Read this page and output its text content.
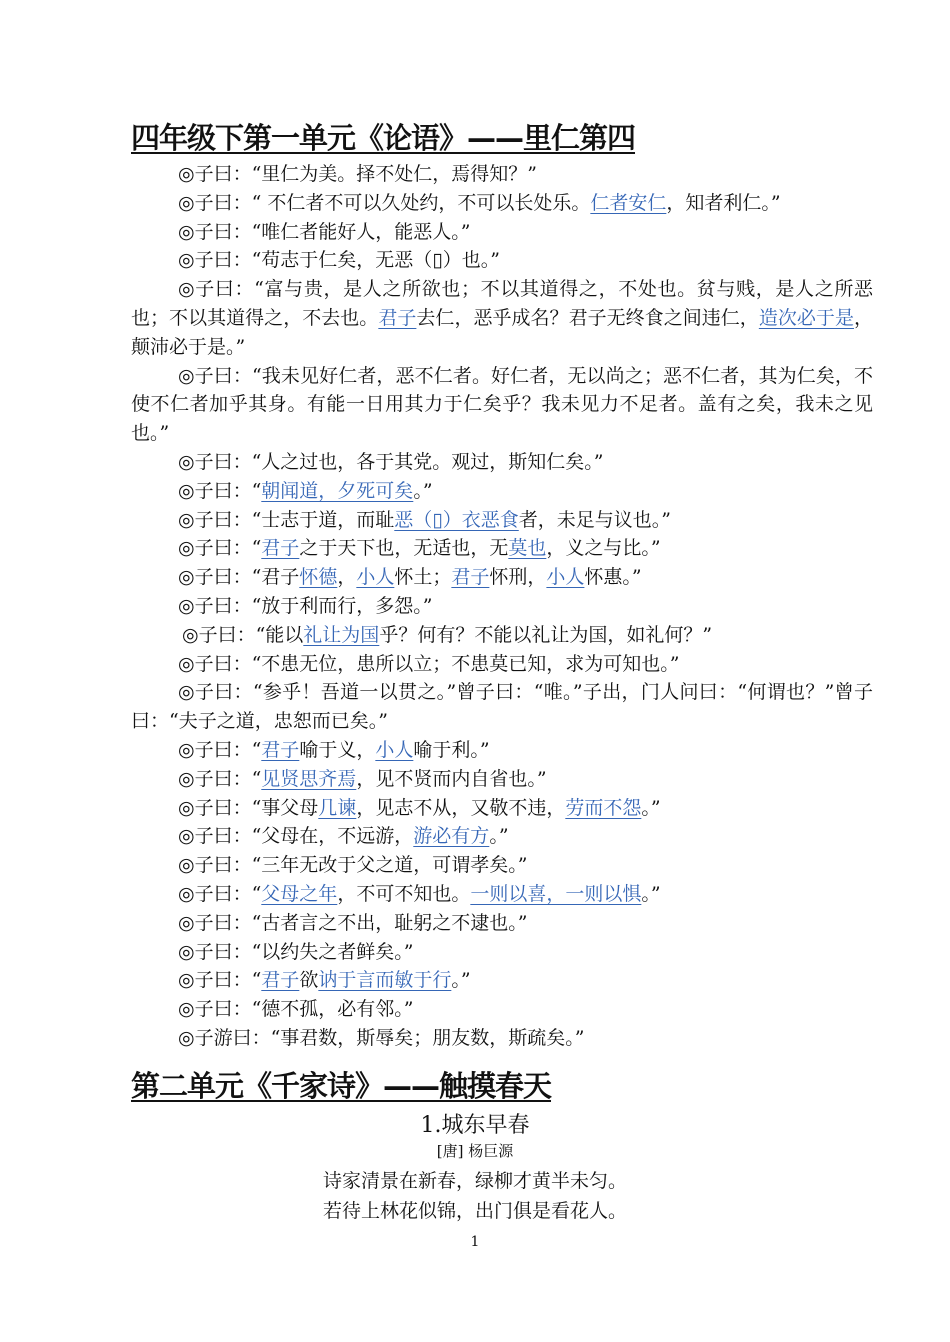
四年级下第一单元《论语》——里仁第四

◎子曰：“里仁为美。择不处仁，焉得知？”

◎子曰：“ 不仁者不可以久处约，不可以长处乐。仁者安仁，知者利仁。”

◎子曰：“唯仁者能好人，能恶人。”

◎子曰：“苟志于仁矣，无恶（▯）也。”

◎子曰：“富与贵，是人之所欲也；不以其道得之，不处也。贫与贱，是人之所恶也；不以其道得之，不去也。君子去仁，恶乎成名？君子无终食之间违仁，造次必于是，颠沛必于是。”

◎子曰：“我未见好仁者，恶不仁者。好仁者，无以尚之；恶不仁者，其为仁矣，不使不仁者加乎其身。有能一日用其力于仁矣乎？我未见力不足者。盖有之矣，我未之见也。”

◎子曰：“人之过也，各于其党。观过，斯知仁矣。”

◎子曰：“朝闻道，夕死可矣。”

◎子曰：“士志于道，而耻恶（▯）衣恶食者，未足与议也。”

◎子曰：“君子之于天下也，无适也，无莫也，义之与比。”

◎子曰：“君子怀德，小人怀土；君子怀刑，小人怀惠。”

◎子曰：“放于利而行，多怨。”

◎子曰：“能以礼让为国乎？何有？不能以礼让为国，如礼何？”

◎子曰：“不患无位，患所以立；不患莫已知，求为可知也。”

◎子曰：“参乎！吾道一以贯之。”曾子曰：“唯。”子出，门人问曰：“何谓也？”曾子曰：“夫子之道，忠恕而已矣。”

◎子曰：“君子喻于义，小人喻于利。”

◎子曰：“见贤思齐焉，见不贤而内自省也。”

◎子曰：“事父母几谏，见志不从，又敬不违，劳而不怨。”

◎子曰：“父母在，不远游，游必有方。”

◎子曰：“三年无改于父之道，可谓孝矣。”

◎子曰：“父母之年，不可不知也。一则以喜，一则以惧。”

◎子曰：“古者言之不出，耻躬之不逮也。”

◎子曰：“以约失之者鲜矣。”

◎子曰：“君子欲讷于言而敏于行。”

◎子曰：“德不孤，必有邻。”

◎子游曰：“事君数，斯辱矣；朋友数，斯疏矣。”

第二单元《千家诗》——触摸春天
1.城东早春
[唐] 杨巨源
诗家清景在新春，绿柳才黄半未匀。
若待上林花似锦，出门俱是看花人。
1
